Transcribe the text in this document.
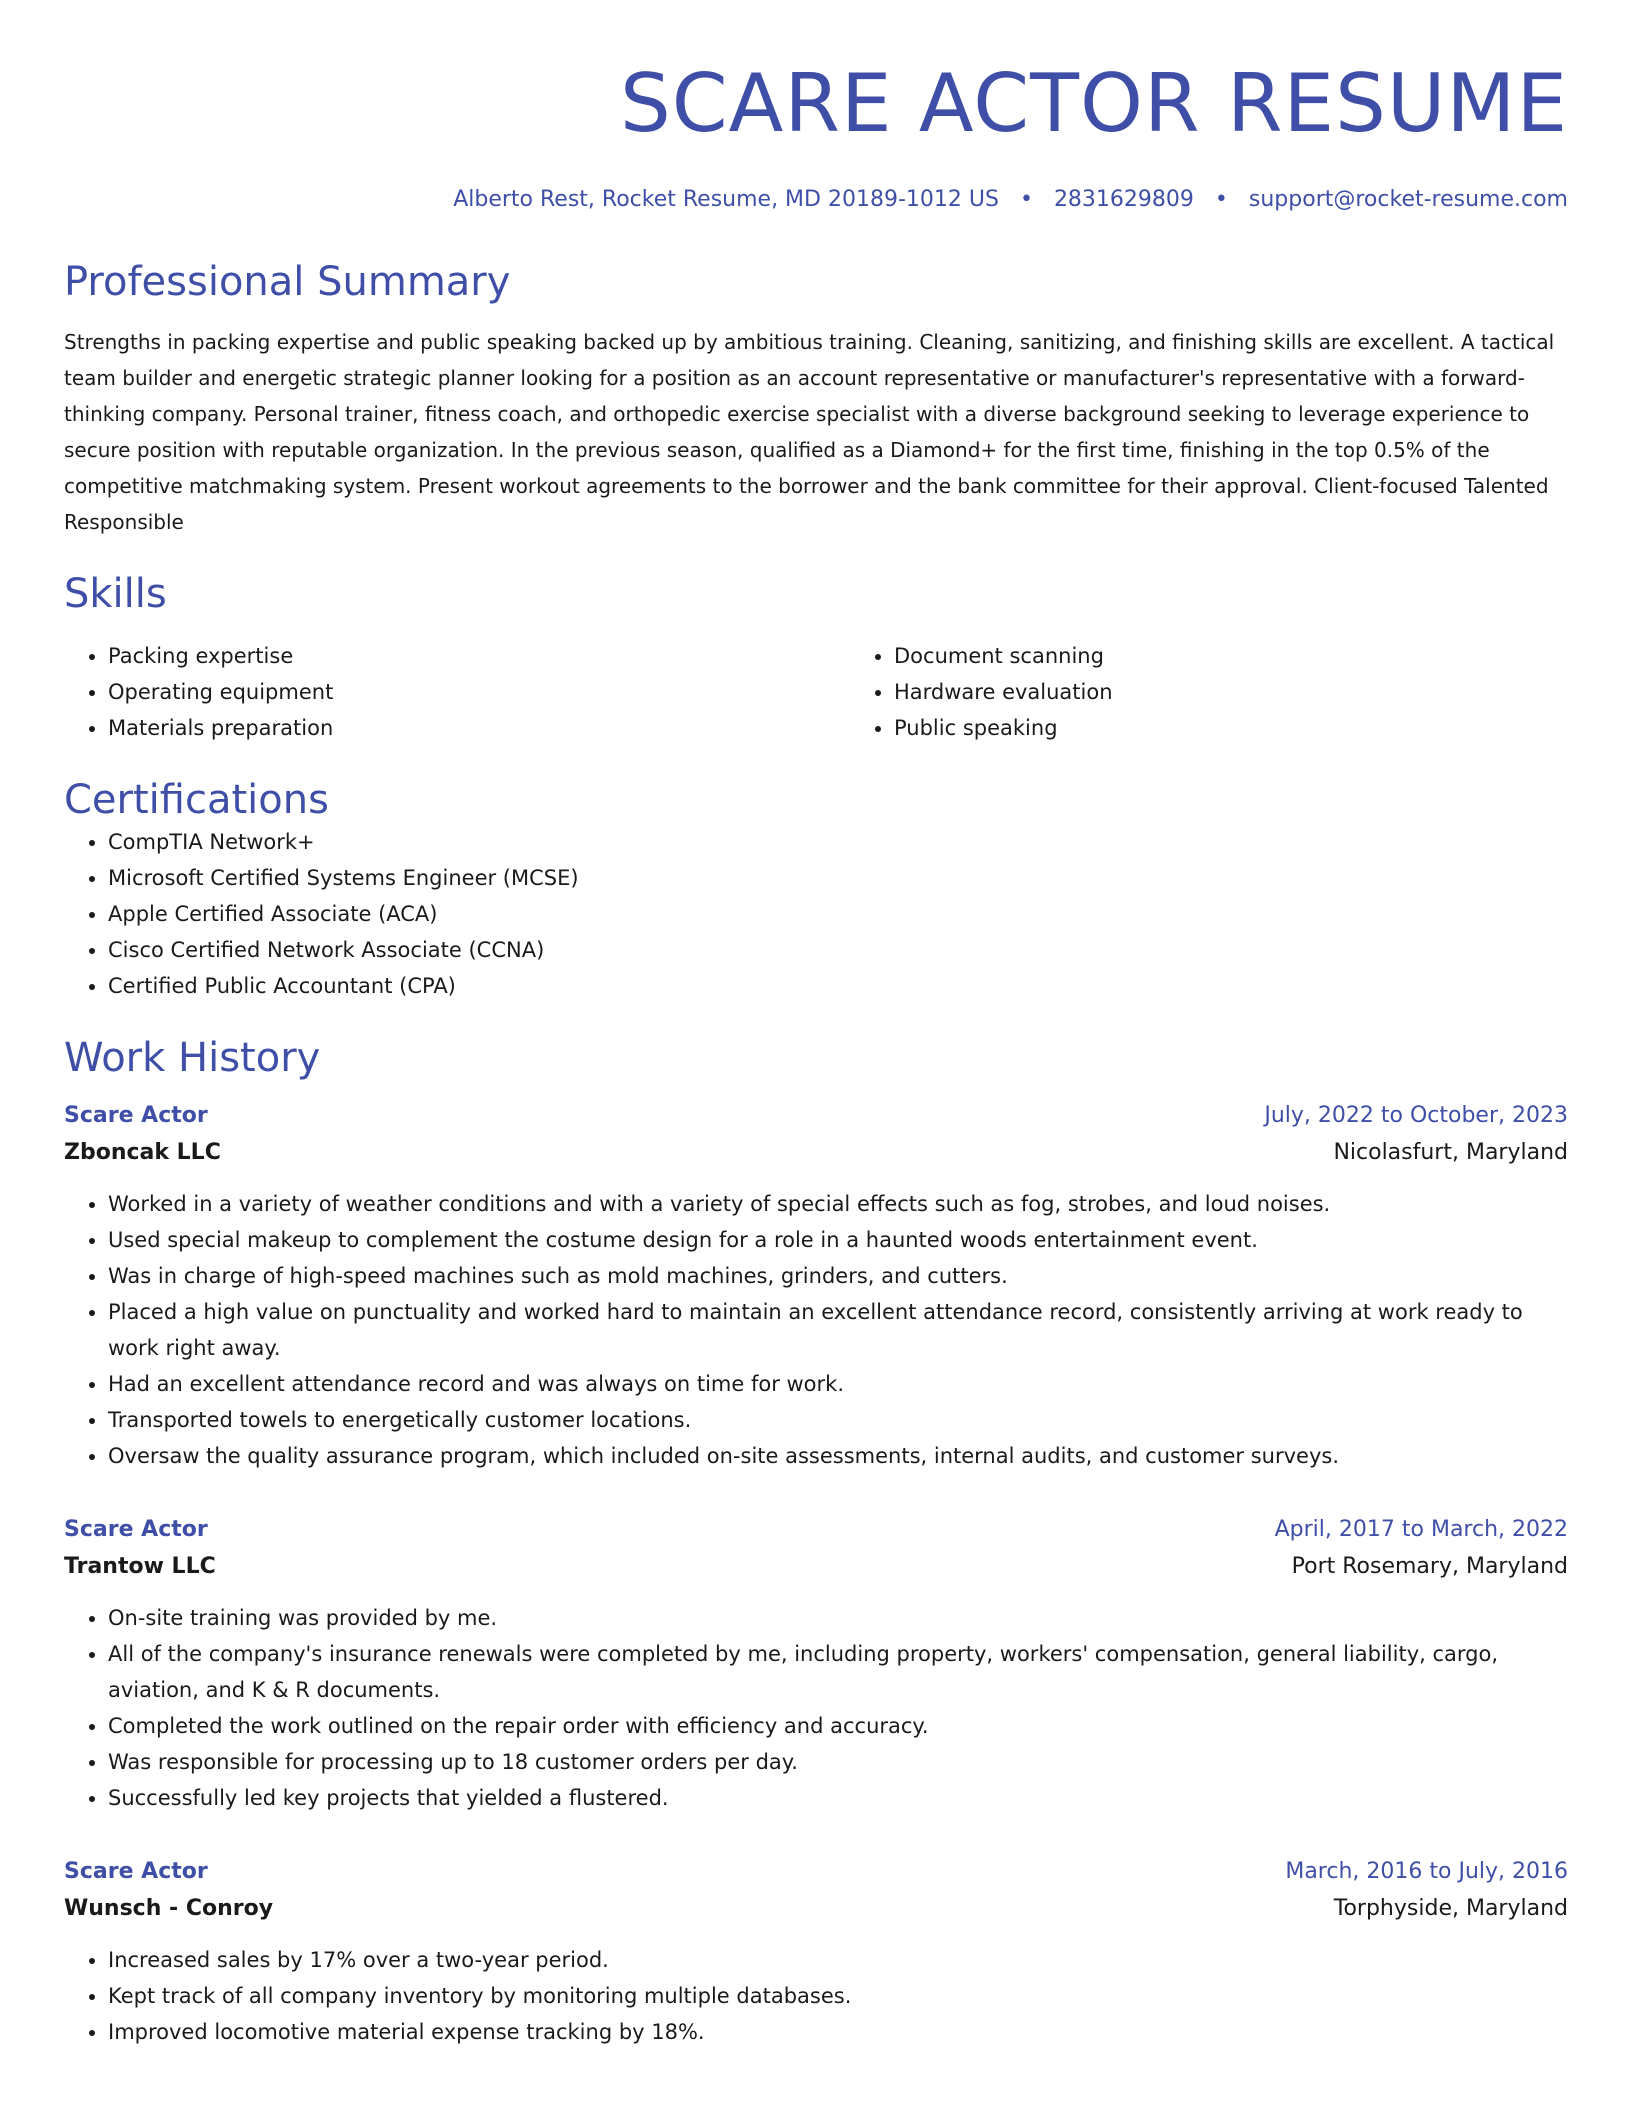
SCARE ACTOR RESUME
Alberto Rest, Rocket Resume, MD 20189-1012 US • 2831629809 • support@rocket-resume.com
Professional Summary

Strengths in packing expertise and public speaking backed up by ambitious training. Cleaning, sanitizing, and finishing skills are excellent. A tactical team builder and energetic strategic planner looking for a position as an account representative or manufacturer's representative with a forward-thinking company. Personal trainer, fitness coach, and orthopedic exercise specialist with a diverse background seeking to leverage experience to secure position with reputable organization. In the previous season, qualified as a Diamond+ for the first time, finishing in the top 0.5% of the competitive matchmaking system. Present workout agreements to the borrower and the bank committee for their approval. Client-focused Talented Responsible

Skills
• Packing expertise
• Operating equipment
• Materials preparation
• Document scanning
• Hardware evaluation
• Public speaking
Certifications
• CompTIA Network+
• Microsoft Certified Systems Engineer (MCSE)
• Apple Certified Associate (ACA)
• Cisco Certified Network Associate (CCNA)
• Certified Public Accountant (CPA)
Work History
Scare Actor	July, 2022 to October, 2023
Zboncak LLC	Nicolasfurt, Maryland
• Worked in a variety of weather conditions and with a variety of special effects such as fog, strobes, and loud noises.
• Used special makeup to complement the costume design for a role in a haunted woods entertainment event.
• Was in charge of high-speed machines such as mold machines, grinders, and cutters.
• Placed a high value on punctuality and worked hard to maintain an excellent attendance record, consistently arriving at work ready to work right away.
• Had an excellent attendance record and was always on time for work.
• Transported towels to energetically customer locations.
• Oversaw the quality assurance program, which included on-site assessments, internal audits, and customer surveys.
Scare Actor	April, 2017 to March, 2022
Trantow LLC	Port Rosemary, Maryland
• On-site training was provided by me.
• All of the company's insurance renewals were completed by me, including property, workers' compensation, general liability, cargo, aviation, and K & R documents.
• Completed the work outlined on the repair order with efficiency and accuracy.
• Was responsible for processing up to 18 customer orders per day.
• Successfully led key projects that yielded a flustered.
Scare Actor	March, 2016 to July, 2016
Wunsch - Conroy	Torphyside, Maryland
• Increased sales by 17% over a two-year period.
• Kept track of all company inventory by monitoring multiple databases.
• Improved locomotive material expense tracking by 18%.
